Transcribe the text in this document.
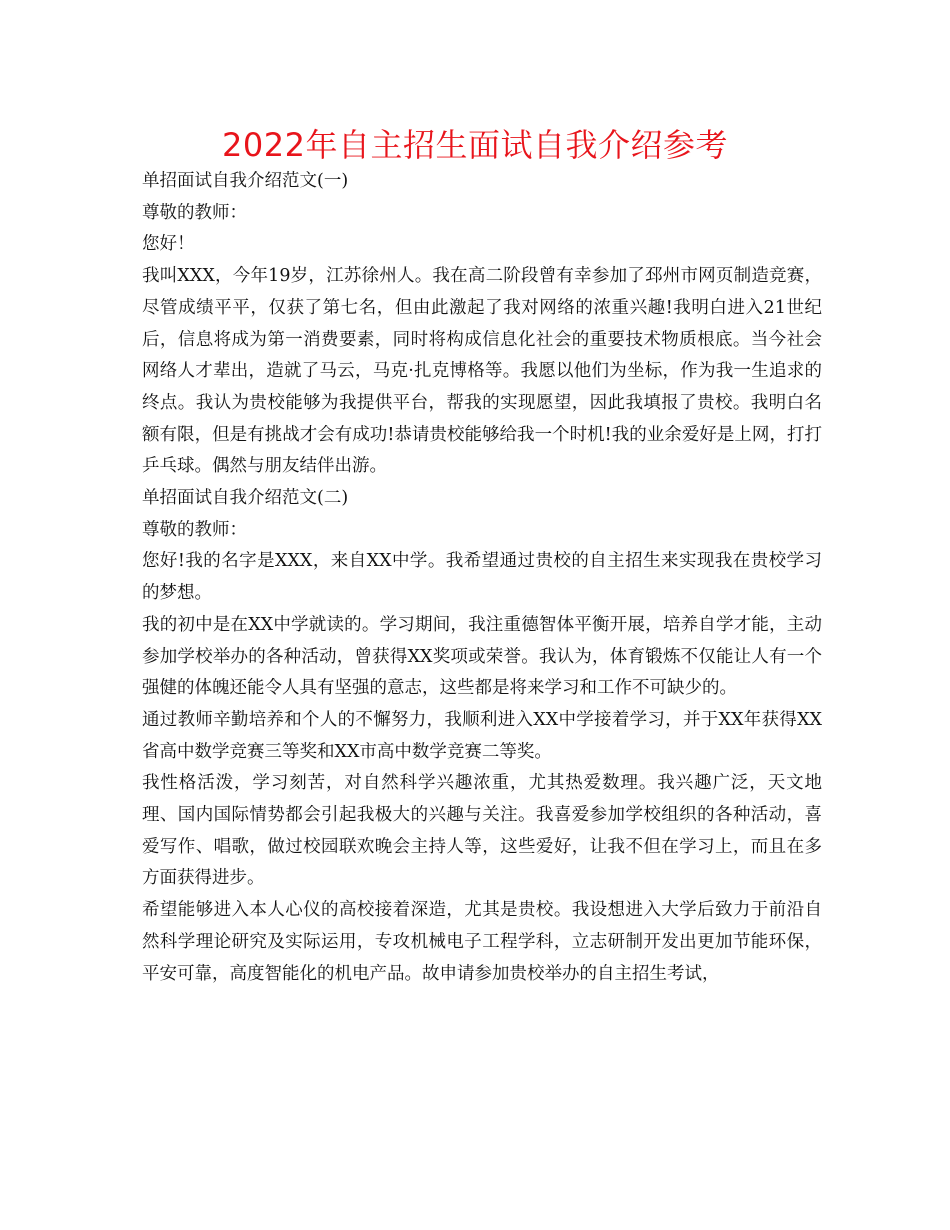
2022年自主招生面试自我介绍参考

单招面试自我介绍范文(一)

尊敬的教师：

您好！

我叫XXX，今年19岁，江苏徐州人。我在高二阶段曾有幸参加了邳州市网页制造竞赛，尽管成绩平平，仅获了第七名，但由此激起了我对网络的浓重兴趣!我明白进入21世纪后，信息将成为第一消费要素，同时将构成信息化社会的重要技术物质根底。当今社会网络人才辈出，造就了马云，马克·扎克博格等。我愿以他们为坐标，作为我一生追求的终点。我认为贵校能够为我提供平台，帮我的实现愿望，因此我填报了贵校。我明白名额有限，但是有挑战才会有成功!恭请贵校能够给我一个时机!我的业余爱好是上网，打打乒乓球。偶然与朋友结伴出游。

单招面试自我介绍范文(二)

尊敬的教师：

您好!我的名字是XXX，来自XX中学。我希望通过贵校的自主招生来实现我在贵校学习的梦想。

我的初中是在XX中学就读的。学习期间，我注重德智体平衡开展，培养自学才能，主动参加学校举办的各种活动，曾获得XX奖项或荣誉。我认为，体育锻炼不仅能让人有一个强健的体魄还能令人具有坚强的意志，这些都是将来学习和工作不可缺少的。

通过教师辛勤培养和个人的不懈努力，我顺利进入XX中学接着学习，并于XX年获得XX省高中数学竞赛三等奖和XX市高中数学竞赛二等奖。

我性格活泼，学习刻苦，对自然科学兴趣浓重，尤其热爱数理。我兴趣广泛，天文地理、国内国际情势都会引起我极大的兴趣与关注。我喜爱参加学校组织的各种活动，喜爱写作、唱歌，做过校园联欢晚会主持人等，这些爱好，让我不但在学习上，而且在多方面获得进步。

希望能够进入本人心仪的高校接着深造，尤其是贵校。我设想进入大学后致力于前沿自然科学理论研究及实际运用，专攻机械电子工程学科，立志研制开发出更加节能环保，平安可靠，高度智能化的机电产品。故申请参加贵校举办的自主招生考试，
